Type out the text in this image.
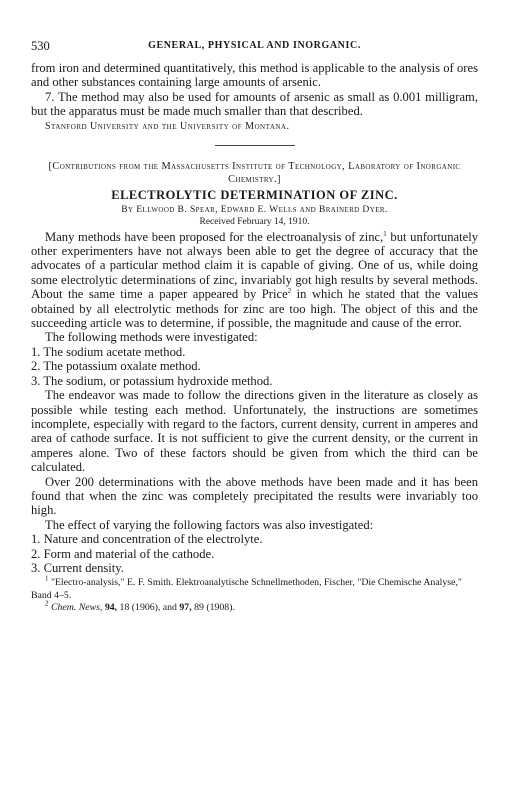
530	GENERAL, PHYSICAL AND INORGANIC.

from iron and determined quantitatively, this method is applicable to the analysis of ores and other substances containing large amounts of arsenic.

7. The method may also be used for amounts of arsenic as small as 0.001 milligram, but the apparatus must be made much smaller than that described.

Stanford University and the University of Montana.

[Contributions from the Massachusetts Institute of Technology, Laboratory of Inorganic Chemistry.]

ELECTROLYTIC DETERMINATION OF ZINC.
By Ellwood B. Spear, Edward E. Wells and Brainerd Dyer.
Received February 14, 1910.

Many methods have been proposed for the electroanalysis of zinc,$^1$ but unfortunately other experimenters have not always been able to get the degree of accuracy that the advocates of a particular method claim it is capable of giving. One of us, while doing some electrolytic determinations of zinc, invariably got high results by several methods. About the same time a paper appeared by Price$^2$ in which he stated that the values obtained by all electrolytic methods for zinc are too high. The object of this and the succeeding article was to determine, if possible, the magnitude and cause of the error.

The following methods were investigated:

1. The sodium acetate method.

2. The potassium oxalate method.

3. The sodium, or potassium hydroxide method.

The endeavor was made to follow the directions given in the literature as closely as possible while testing each method. Unfortunately, the instructions are sometimes incomplete, especially with regard to the factors, current density, current in amperes and area of cathode surface. It is not sufficient to give the current density, or the current in amperes alone. Two of these factors should be given from which the third can be calculated.

Over 200 determinations with the above methods have been made and it has been found that when the zinc was completely precipitated the results were invariably too high.

The effect of varying the following factors was also investigated:

1. Nature and concentration of the electrolyte.

2. Form and material of the cathode.

3. Current density.

$^1$ "Electro-analysis," E. F. Smith. Elektroanalytische Schnellmethoden, Fischer, "Die Chemische Analyse," Band 4–5.

$^2$ Chem. News, 94, 18 (1906), and 97, 89 (1908).
